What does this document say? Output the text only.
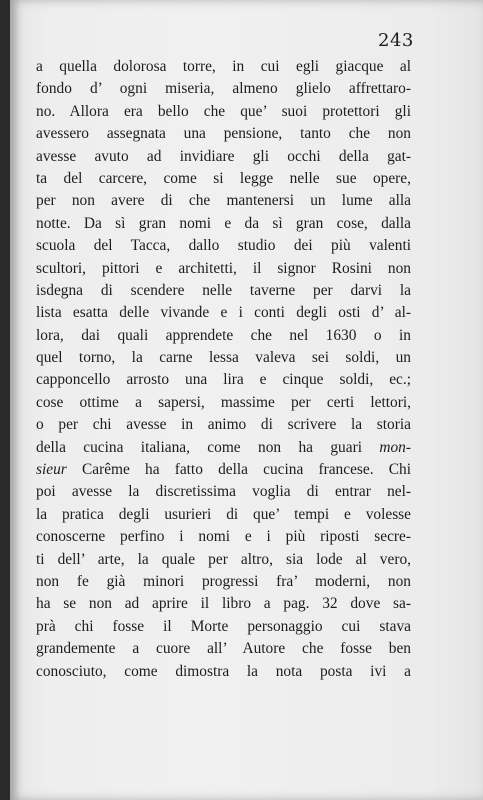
243
a quella dolorosa torre, in cui egli giacque al
fondo d’ ogni miseria, almeno glielo affrettaro-
no. Allora era bello che que’ suoi protettori gli
avessero assegnata una pensione, tanto che non
avesse avuto ad invidiare gli occhi della gat-
ta del carcere, come si legge nelle sue opere,
per non avere di che mantenersi un lume alla
notte. Da sì gran nomi e da sì gran cose, dalla
scuola del Tacca, dallo studio dei più valenti
scultori, pittori e architetti, il signor Rosini non
isdegna di scendere nelle taverne per darvi la
lista esatta delle vivande e i conti degli osti d’ al-
lora, dai quali apprendete che nel 1630 o in
quel torno, la carne lessa valeva sei soldi, un
capponcello arrosto una lira e cinque soldi, ec.;
cose ottime a sapersi, massime per certi lettori,
o per chi avesse in animo di scrivere la storia
della cucina italiana, come non ha guari mon-
sieur Carême ha fatto della cucina francese. Chi
poi avesse la discretissima voglia di entrar nel-
la pratica degli usurieri di que’ tempi e volesse
conoscerne perfino i nomi e i più riposti secre-
ti dell’ arte, la quale per altro, sia lode al vero,
non fe già minori progressi fra’ moderni, non
ha se non ad aprire il libro a pag. 32 dove sa-
prà chi fosse il Morte personaggio cui stava
grandemente a cuore all’ Autore che fosse ben
conosciuto, come dimostra la nota posta ivi a
